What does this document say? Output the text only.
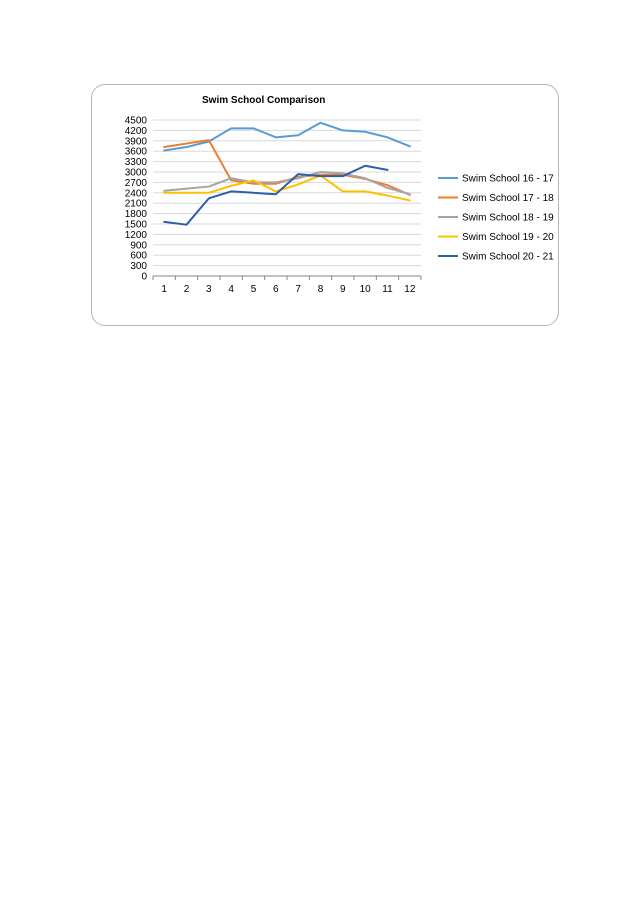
Swim School Comparison
0
300
600
900
1200
1500
1800
2100
2400
2700
3000
3300
3600
3900
4200
4500
1 2 3 4 5 6 7 8 9 10 11 12
Swim School 16 - 17
Swim School 17 - 18
Swim School 18 - 19
Swim School 19 - 20
Swim School 20 - 21
